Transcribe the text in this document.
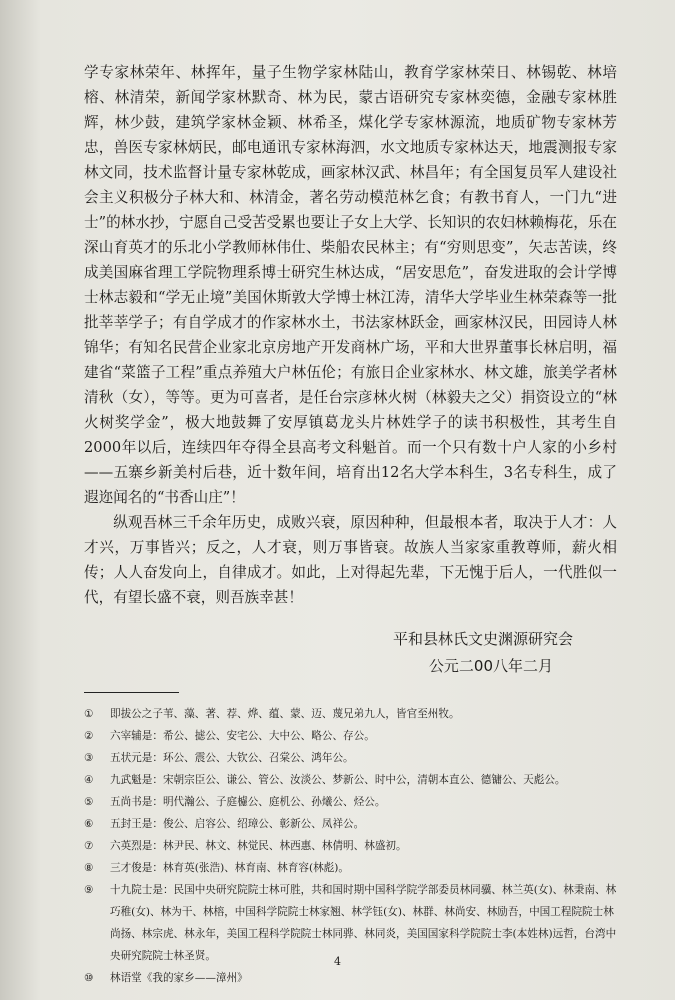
学专家林荣年、林挥年，量子生物学家林陆山，教育学家林荣日、林锡乾、林培榕、林清荣，新闻学家林默奇、林为民，蒙古语研究专家林奕德，金融专家林胜辉，林少鼓，建筑学家林金颖、林希圣，煤化学专家林源流，地质矿物专家林芳忠，兽医专家林炳民，邮电通讯专家林海泗，水文地质专家林达天，地震测报专家林文同，技术监督计量专家林乾成，画家林汉武、林昌年；有全国复员军人建设社会主义积极分子林大和、林清金，著名劳动模范林乞食；有教书育人，一门九“进士”的林水抄，宁愿自己受苦受累也要让子女上大学、长知识的农妇林赖梅花，乐在深山育英才的乐北小学教师林伟仕、柴船农民林主；有“穷则思变”，矢志苦读，终成美国麻省理工学院物理系博士研究生林达成，“居安思危”，奋发进取的会计学博士林志毅和“学无止境”美国休斯敦大学博士林江涛，清华大学毕业生林荣森等一批批莘莘学子；有自学成才的作家林水土，书法家林跃金，画家林汉民，田园诗人林锦华；有知名民营企业家北京房地产开发商林广场，平和大世界董事长林启明，福建省“菜篮子工程”重点养殖大户林伍伦；有旅日企业家林水、林文雄，旅美学者林清秋（女），等等。更为可喜者，是任台宗彦林火树（林毅夫之父）捐资设立的“林火树奖学金”，极大地鼓舞了安厚镇葛龙头片林姓学子的读书积极性，其考生自2000年以后，连续四年夺得全县高考文科魁首。而一个只有数十户人家的小乡村——五寨乡新美村后巷，近十数年间，培育出12名大学本科生，3名专科生，成了遐迩闻名的“书香山庄”！

纵观吾林三千余年历史，成败兴衰，原因种种，但最根本者，取决于人才：人才兴，万事皆兴；反之，人才衰，则万事皆衰。故族人当家家重教尊师，薪火相传；人人奋发向上，自律成才。如此，上对得起先辈，下无愧于后人，一代胜似一代，有望长盛不衰，则吾族幸甚！

平和县林氏文史渊源研究会
公元二00八年二月
①	即拔公之子苇、藻、著、荐、烨、蕴、蒙、迈、蔑兄弟九人，皆官至州牧。
②	六宰辅是：希公、摅公、安宅公、大中公、略公、存公。
③	五状元是：环公、震公、大钦公、召棠公、鸿年公。
④	九武魁是：宋朝宗臣公、谦公、管公、汝淡公、梦新公、时中公，清朝本直公、德镛公、天彪公。
⑤	五尚书是：明代瀚公、子庭櫖公、庭机公、孙爔公、烃公。
⑥	五封王是：俊公、启容公、绍璋公、彰新公、凤祥公。
⑦	六英烈是：林尹民、林文、林觉民、林西惠、林倩明、林盛初。
⑧	三才俊是：林育英(张浩)、林育南、林育容(林彪)。
⑨	十九院士是：民国中央研究院院士林可胜，共和国时期中国科学院学部委员林同骥、林兰英(女)、林秉南、林巧稚(女)、林为干、林榕，中国科学院院士林家翘、林学钰(女)、林群、林尚安、林励吾，中国工程院院士林尚扬、林宗虎、林永年，美国工程科学院院士林同骅、林同炎，美国国家科学院院士李(本姓林)远哲，台湾中央研究院院士林圣贤。
⑩	林语堂《我的家乡——漳州》
4
